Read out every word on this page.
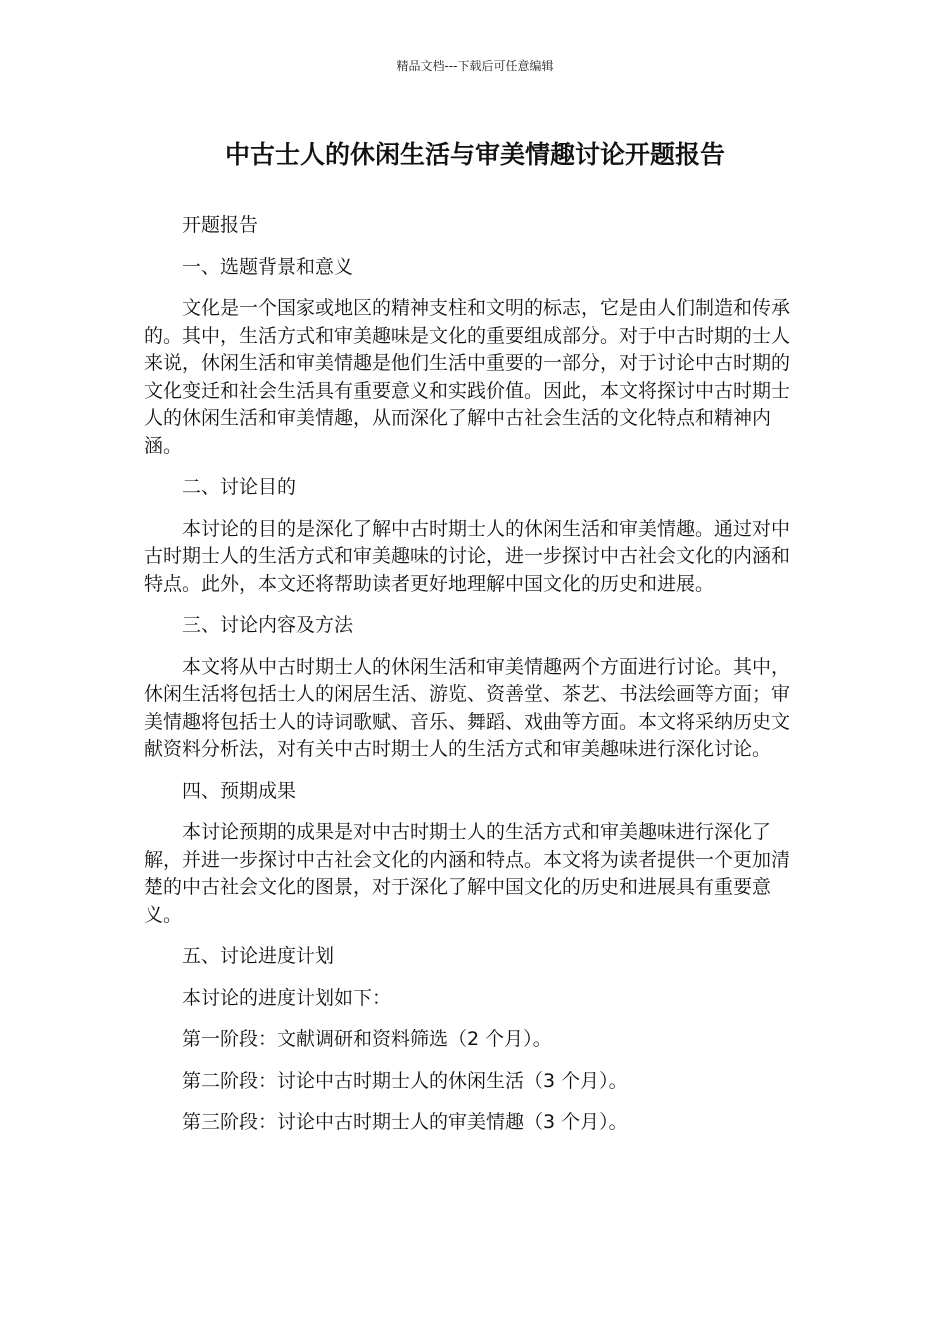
精品文档---下载后可任意编辑
中古士人的休闲生活与审美情趣讨论开题报告

开题报告

一、选题背景和意义

文化是一个国家或地区的精神支柱和文明的标志，它是由人们制造和传承的。其中，生活方式和审美趣味是文化的重要组成部分。对于中古时期的士人来说，休闲生活和审美情趣是他们生活中重要的一部分，对于讨论中古时期的文化变迁和社会生活具有重要意义和实践价值。因此，本文将探讨中古时期士人的休闲生活和审美情趣，从而深化了解中古社会生活的文化特点和精神内涵。

二、讨论目的

本讨论的目的是深化了解中古时期士人的休闲生活和审美情趣。通过对中古时期士人的生活方式和审美趣味的讨论，进一步探讨中古社会文化的内涵和特点。此外，本文还将帮助读者更好地理解中国文化的历史和进展。

三、讨论内容及方法

本文将从中古时期士人的休闲生活和审美情趣两个方面进行讨论。其中，休闲生活将包括士人的闲居生活、游览、资善堂、茶艺、书法绘画等方面；审美情趣将包括士人的诗词歌赋、音乐、舞蹈、戏曲等方面。本文将采纳历史文献资料分析法，对有关中古时期士人的生活方式和审美趣味进行深化讨论。

四、预期成果

本讨论预期的成果是对中古时期士人的生活方式和审美趣味进行深化了解，并进一步探讨中古社会文化的内涵和特点。本文将为读者提供一个更加清楚的中古社会文化的图景，对于深化了解中国文化的历史和进展具有重要意义。

五、讨论进度计划

本讨论的进度计划如下：

第一阶段：文献调研和资料筛选（2 个月）。

第二阶段：讨论中古时期士人的休闲生活（3 个月）。

第三阶段：讨论中古时期士人的审美情趣（3 个月）。
